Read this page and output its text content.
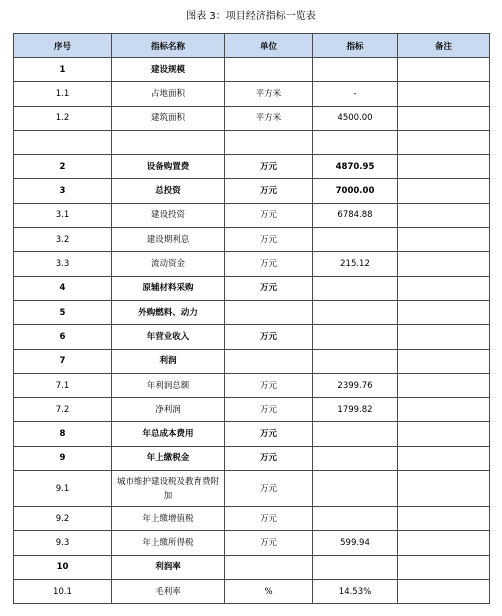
图表 3：项目经济指标一览表
序号	指标名称	单位	指标	备注

1	建设规模			

1.1	占地面积	平方米	-	

1.2	建筑面积	平方米	4500.00	

2	设备购置费	万元	4870.95	

3	总投资	万元	7000.00	

3.1	建设投资	万元	6784.88	

3.2	建设期利息	万元		

3.3	流动资金	万元	215.12	

4	原辅材料采购	万元		

5	外购燃料、动力			

6	年营业收入	万元		

7	利润			

7.1	年利润总额	万元	2399.76	

7.2	净利润	万元	1799.82	

8	年总成本费用	万元		

9	年上缴税金	万元		

9.1	城市维护建设税及教育费附加	万元		

9.2	年上缴增值税	万元		

9.3	年上缴所得税	万元	599.94	

10	利润率			

10.1	毛利率	%	14.53%	
